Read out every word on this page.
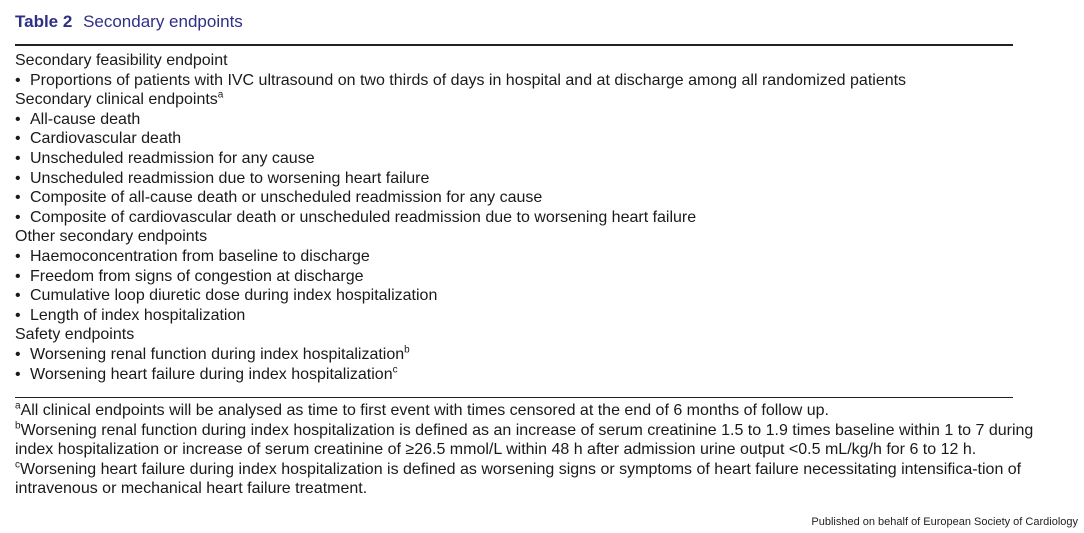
Table 2 Secondary endpoints
Secondary feasibility endpoint
• Proportions of patients with IVC ultrasound on two thirds of days in hospital and at discharge among all randomized patients
Secondary clinical endpoints$^a$
• All-cause death
• Cardiovascular death
• Unscheduled readmission for any cause
• Unscheduled readmission due to worsening heart failure
• Composite of all-cause death or unscheduled readmission for any cause
• Composite of cardiovascular death or unscheduled readmission due to worsening heart failure
Other secondary endpoints
• Haemoconcentration from baseline to discharge
• Freedom from signs of congestion at discharge
• Cumulative loop diuretic dose during index hospitalization
• Length of index hospitalization
Safety endpoints
• Worsening renal function during index hospitalization$^b$
• Worsening heart failure during index hospitalization$^c$

$^a$All clinical endpoints will be analysed as time to first event with times censored at the end of 6 months of follow up.

$^b$Worsening renal function during index hospitalization is defined as an increase of serum creatinine 1.5 to 1.9 times baseline within 1 to 7 during index hospitalization or increase of serum creatinine of ≥26.5 mmol/L within 48 h after admission urine output <0.5 mL/kg/h for 6 to 12 h.

$^c$Worsening heart failure during index hospitalization is defined as worsening signs or symptoms of heart failure necessitating intensifica-tion of intravenous or mechanical heart failure treatment.

Published on behalf of European Society of Cardiology
